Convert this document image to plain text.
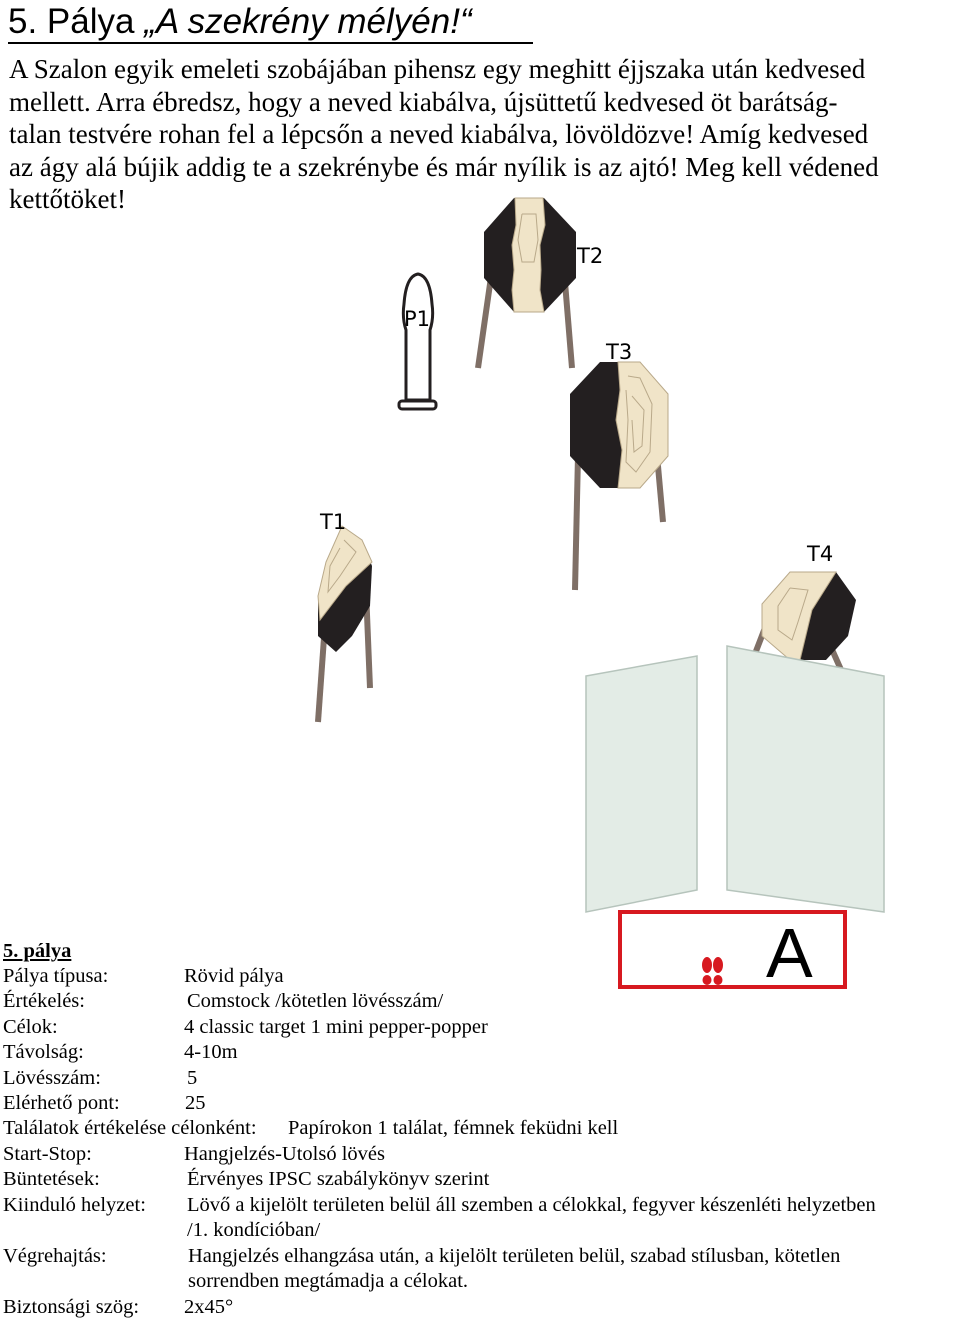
5. Pálya „A szekrény mélyén!“
A Szalon egyik emeleti szobájában pihensz egy meghitt éjjszaka után kedvesed
mellett. Arra ébredsz, hogy a neved kiabálva, újsüttetű kedvesed öt barátság-
talan testvére rohan fel a lépcsőn a neved kiabálva, lövöldözve! Amíg kedvesed
az ágy alá bújik addig te a szekrénybe és már nyílik is az ajtó! Meg kell védened
kettőtöket!
A
T2
P1
T3
T1
T4
5. pálya
Pálya típusa:	Rövid pálya
Értékelés:	Comstock /kötetlen lövésszám/
Célok:	4 classic target 1 mini pepper-popper
Távolság:	4-10m
Lövésszám:	5
Elérhető pont:	25
Találatok értékelése célonként: Papírokon 1 találat, fémnek feküdni kell
Start-Stop:	Hangjelzés-Utolsó lövés
Büntetések:	Érvényes IPSC szabálykönyv szerint
Kiinduló helyzet: Lövő a kijelölt területen belül áll szemben a célokkal, fegyver készenléti helyzetben
/1. kondícióban/
Végrehajtás:	Hangjelzés elhangzása után, a kijelölt területen belül, szabad stílusban, kötetlen
sorrendben megtámadja a célokat.
Biztonsági szög: 2x45°
